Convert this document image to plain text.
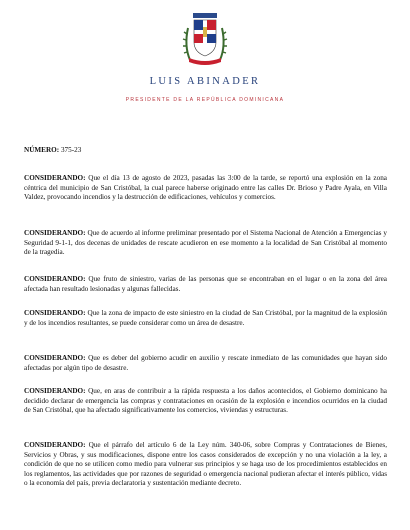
LUIS ABINADER
PRESIDENTE DE LA REPÚBLICA DOMINICANA
NÚMERO: 375-23
CONSIDERANDO: Que el día 13 de agosto de 2023, pasadas las 3:00 de la tarde, se reportó una explosión en la zona céntrica del municipio de San Cristóbal, la cual parece haberse originado entre las calles Dr. Brioso y Padre Ayala, en Villa Valdez, provocando incendios y la destrucción de edificaciones, vehículos y comercios.
CONSIDERANDO: Que de acuerdo al informe preliminar presentado por el Sistema Nacional de Atención a Emergencias y Seguridad 9-1-1, dos decenas de unidades de rescate acudieron en ese momento a la localidad de San Cristóbal al momento de la tragedia.
CONSIDERANDO: Que fruto de siniestro, varias de las personas que se encontraban en el lugar o en la zona del área afectada han resultado lesionadas y algunas fallecidas.
CONSIDERANDO: Que la zona de impacto de este siniestro en la ciudad de San Cristóbal, por la magnitud de la explosión y de los incendios resultantes, se puede considerar como un área de desastre.
CONSIDERANDO: Que es deber del gobierno acudir en auxilio y rescate inmediato de las comunidades que hayan sido afectadas por algún tipo de desastre.
CONSIDERANDO: Que, en aras de contribuir a la rápida respuesta a los daños acontecidos, el Gobierno dominicano ha decidido declarar de emergencia las compras y contrataciones en ocasión de la explosión e incendios ocurridos en la ciudad de San Cristóbal, que ha afectado significativamente los comercios, viviendas y estructuras.
CONSIDERANDO: Que el párrafo del artículo 6 de la Ley núm. 340-06, sobre Compras y Contrataciones de Bienes, Servicios y Obras, y sus modificaciones, dispone entre los casos considerados de excepción y no una violación a la ley, a condición de que no se utilicen como medio para vulnerar sus principios y se haga uso de los procedimientos establecidos en los reglamentos, las actividades que por razones de seguridad o emergencia nacional pudieran afectar el interés público, vidas o la economía del país, previa declaratoria y sustentación mediante decreto.
